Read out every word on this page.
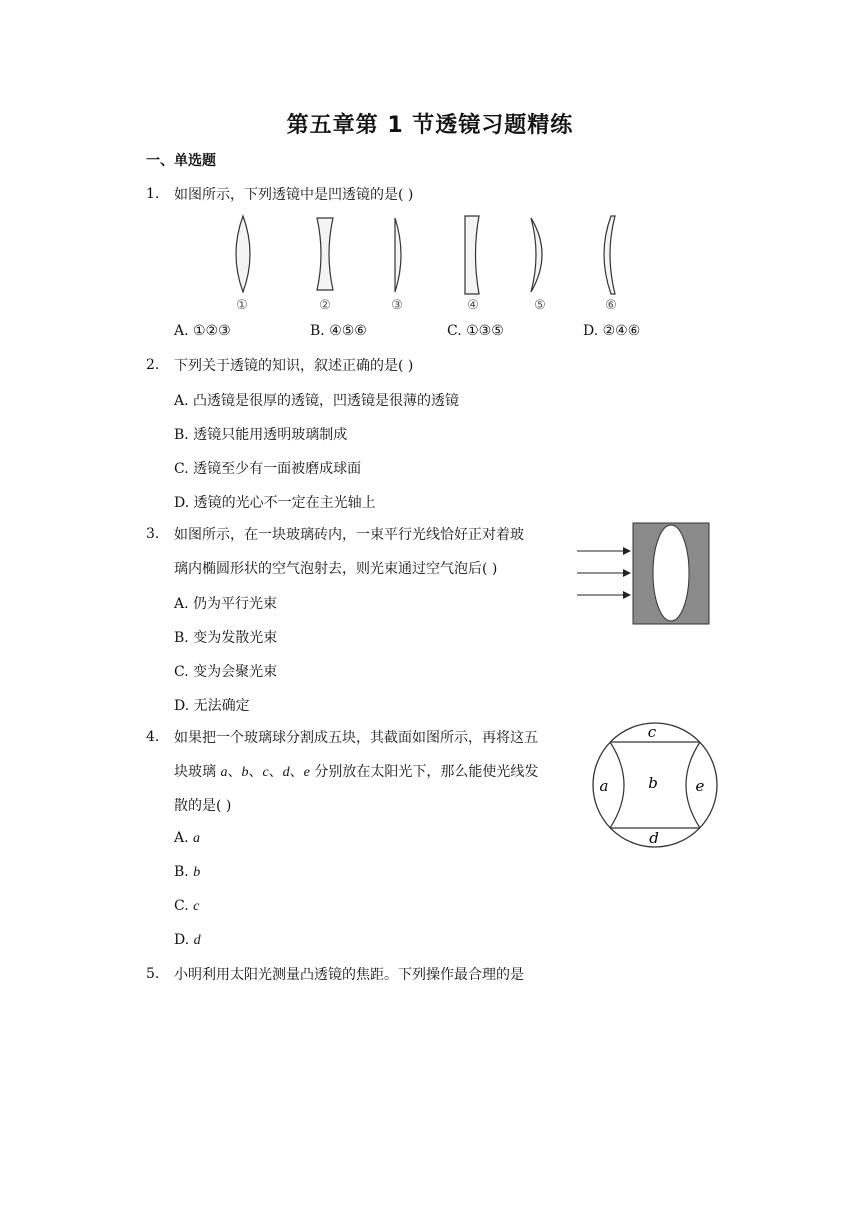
第五章第 1 节透镜习题精练
一、单选题
1. 如图所示，下列透镜中是凹透镜的是( )
①	②	③	④	⑤	⑥
A. ①②③	B. ④⑤⑥	C. ①③⑤	D. ②④⑥
2. 下列关于透镜的知识，叙述正确的是( )
A. 凸透镜是很厚的透镜，凹透镜是很薄的透镜
B. 透镜只能用透明玻璃制成
C. 透镜至少有一面被磨成球面
D. 透镜的光心不一定在主光轴上
3. 如图所示，在一块玻璃砖内，一束平行光线恰好正对着玻
璃内椭圆形状的空气泡射去，则光束通过空气泡后( )
A. 仍为平行光束
B. 变为发散光束
C. 变为会聚光束
D. 无法确定
4. 如果把一个玻璃球分割成五块，其截面如图所示，再将这五
块玻璃 a、b、c、d、e 分别放在太阳光下，那么能使光线发
散的是( )
c
a	b	e
d
A. a
B. b
C. c
D. d
5. 小明利用太阳光测量凸透镜的焦距。下列操作最合理的是
